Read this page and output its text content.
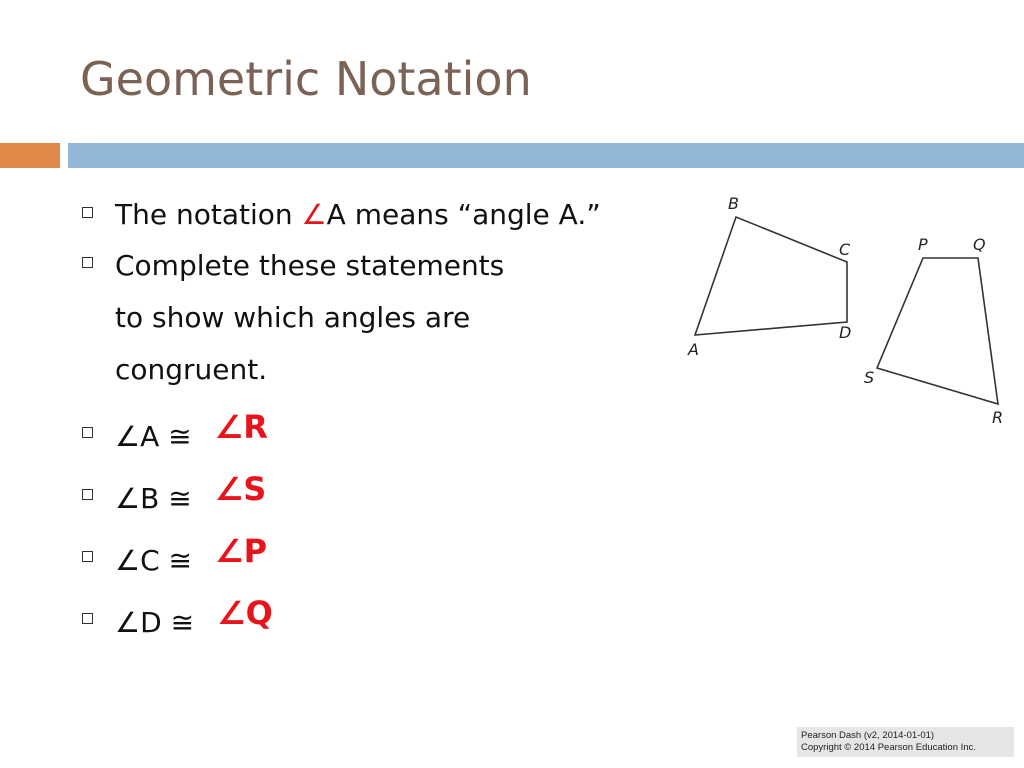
Geometric Notation
The notation ∠A means “angle A.”
Complete these statements
to show which angles are
congruent.
∠A ≅ ∠R
∠B ≅ ∠S
∠C ≅ ∠P
∠D ≅ ∠Q
B
C
D
A
P	Q
R
S
Pearson Dash (v2, 2014-01-01)
Copyright © 2014 Pearson Education Inc.
